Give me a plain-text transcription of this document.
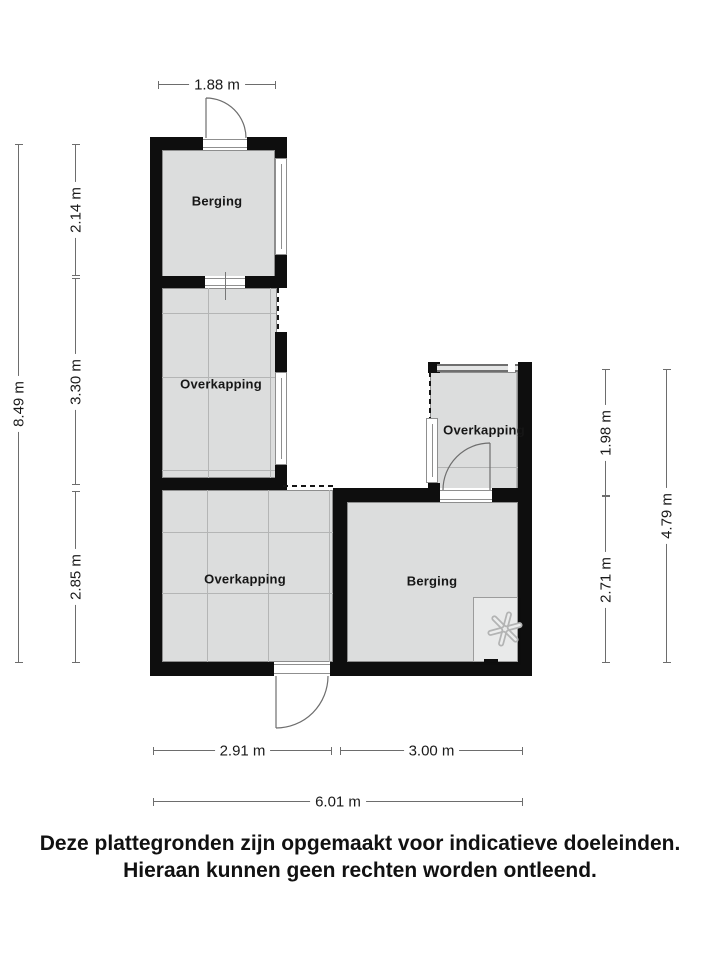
Berging
Overkapping
Overkapping
Overkapping	Berging
1.88 m
8.49 m
2.14 m
3.30 m
2.85 m
1.98 m
2.71 m
4.79 m
2.91 m	3.00 m
6.01 m
Deze plattegronden zijn opgemaakt voor indicatieve doeleinden.
Hieraan kunnen geen rechten worden ontleend.
